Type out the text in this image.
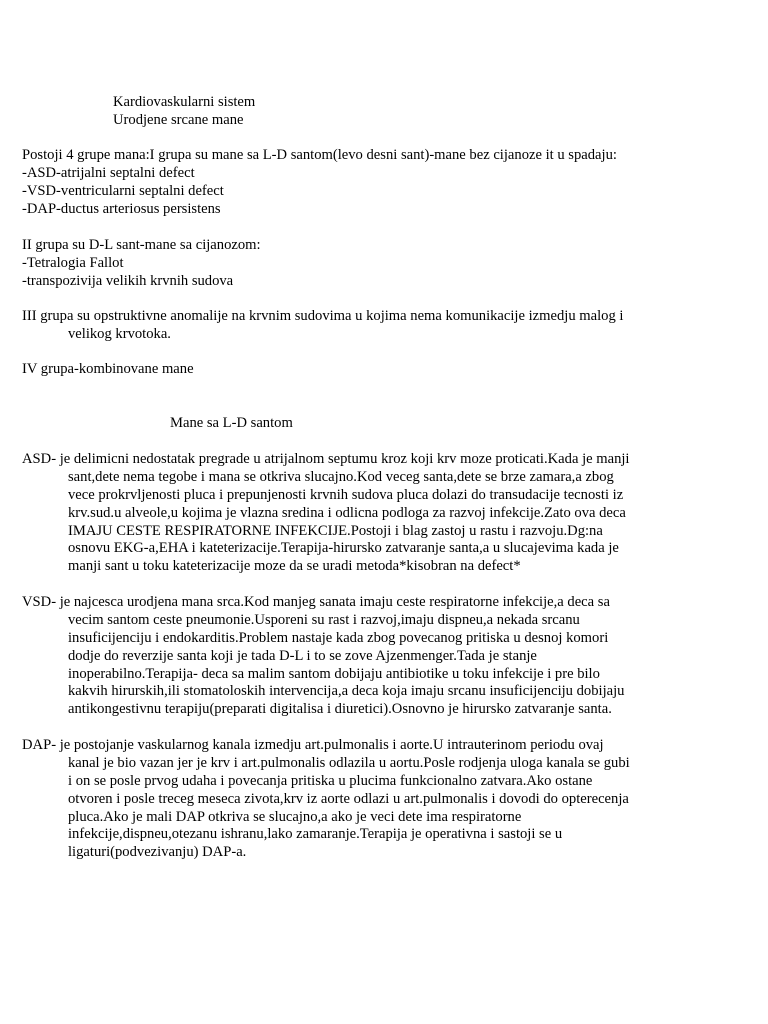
Kardiovaskularni sistem
Urodjene srcane mane
Postoji 4 grupe mana:I grupa su mane sa L-D santom(levo desni sant)-mane bez cijanoze it u spadaju:
-ASD-atrijalni septalni defect
-VSD-ventricularni septalni defect
-DAP-ductus arteriosus persistens
II grupa su D-L sant-mane sa cijanozom:
-Tetralogia Fallot
-transpozivija velikih krvnih sudova
III grupa su opstruktivne anomalije na krvnim sudovima u kojima nema komunikacije izmedju malog i
velikog krvotoka.
IV grupa-kombinovane mane
Mane sa L-D santom
ASD- je delimicni nedostatak pregrade u atrijalnom septumu kroz koji krv moze proticati.Kada je manji
sant,dete nema tegobe i mana se otkriva slucajno.Kod veceg santa,dete se brze zamara,a zbog
vece prokrvljenosti pluca i prepunjenosti krvnih sudova pluca dolazi do transudacije tecnosti iz
krv.sud.u alveole,u kojima je vlazna sredina i odlicna podloga za razvoj infekcije.Zato ova deca
IMAJU CESTE RESPIRATORNE INFEKCIJE.Postoji i blag zastoj u rastu i razvoju.Dg:na
osnovu EKG-a,EHA i kateterizacije.Terapija-hirursko zatvaranje santa,a u slucajevima kada je
manji sant u toku kateterizacije moze da se uradi metoda*kisobran na defect*
VSD- je najcesca urodjena mana srca.Kod manjeg sanata imaju ceste respiratorne infekcije,a deca sa
vecim santom ceste pneumonie.Usporeni su rast i razvoj,imaju dispneu,a nekada srcanu
insuficijenciju i endokarditis.Problem nastaje kada zbog povecanog pritiska u desnoj komori
dodje do reverzije santa koji je tada D-L i to se zove Ajzenmenger.Tada je stanje
inoperabilno.Terapija- deca sa malim santom dobijaju antibiotike u toku infekcije i pre bilo
kakvih hirurskih,ili stomatoloskih intervencija,a deca koja imaju srcanu insuficijenciju dobijaju
antikongestivnu terapiju(preparati digitalisa i diuretici).Osnovno je hirursko zatvaranje santa.
DAP- je postojanje vaskularnog kanala izmedju art.pulmonalis i aorte.U intrauterinom periodu ovaj
kanal je bio vazan jer je krv i art.pulmonalis odlazila u aortu.Posle rodjenja uloga kanala se gubi
i on se posle prvog udaha i povecanja pritiska u plucima funkcionalno zatvara.Ako ostane
otvoren i posle treceg meseca zivota,krv iz aorte odlazi u art.pulmonalis i dovodi do opterecenja
pluca.Ako je mali DAP otkriva se slucajno,a ako je veci dete ima respiratorne
infekcije,dispneu,otezanu ishranu,lako zamaranje.Terapija je operativna i sastoji se u
ligaturi(podvezivanju) DAP-a.
